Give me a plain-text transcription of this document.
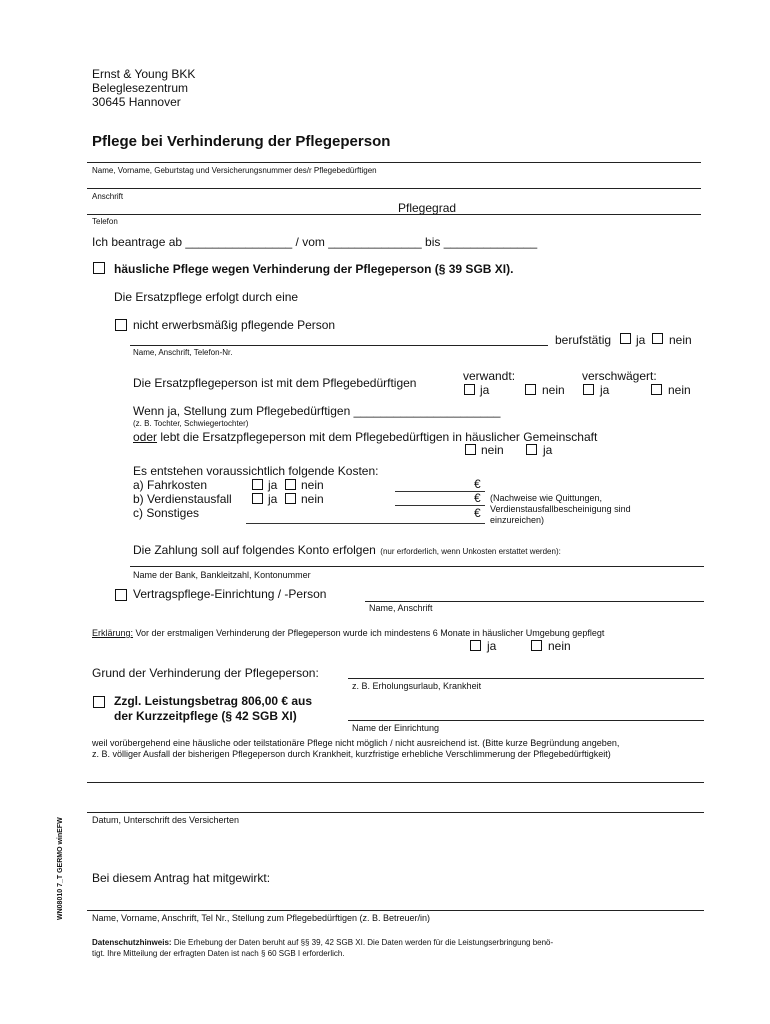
Ernst & Young BKK
Beleglesezentrum
30645 Hannover
Pflege bei Verhinderung der Pflegeperson
Name, Vorname, Geburtstag und Versicherungsnummer des/r Pflegebedürftigen
Anschrift
Pflegegrad
Telefon
Ich beantrage ab ________________ / vom ______________ bis ______________
häusliche Pflege wegen Verhinderung der Pflegeperson (§ 39 SGB XI).
Die Ersatzpflege erfolgt durch eine
nicht erwerbsmäßig pflegende Person
Name, Anschrift, Telefon-Nr.
berufstätig ja nein
verwandt:	verschwägert:
Die Ersatzpflegeperson ist mit dem Pflegebedürftigen	ja	nein	ja	nein
Wenn ja, Stellung zum Pflegebedürftigen ______________________
(z. B. Tochter, Schwiegertochter)
oder lebt die Ersatzpflegeperson mit dem Pflegebedürftigen in häuslicher Gemeinschaft
nein	ja
Es entstehen voraussichtlich folgende Kosten:
a) Fahrkosten	ja nein	€
b) Verdienstausfall	ja nein	€
c) Sonstiges	€
(Nachweise wie Quittungen,
Verdienstausfallbescheinigung sind
einzureichen)
Die Zahlung soll auf folgendes Konto erfolgen (nur erforderlich, wenn Unkosten erstattet werden):
Name der Bank, Bankleitzahl, Kontonummer
Vertragspflege-Einrichtung / -Person
Name, Anschrift
Erklärung: Vor der erstmaligen Verhinderung der Pflegeperson wurde ich mindestens 6 Monate in häuslicher Umgebung gepflegt
ja	nein
Grund der Verhinderung der Pflegeperson:
z. B. Erholungsurlaub, Krankheit
Zzgl. Leistungsbetrag 806,00 € aus
der Kurzzeitpflege (§ 42 SGB XI)
Name der Einrichtung
weil vorübergehend eine häusliche oder teilstationäre Pflege nicht möglich / nicht ausreichend ist. (Bitte kurze Begründung angeben,
z. B. völliger Ausfall der bisherigen Pflegeperson durch Krankheit, kurzfristige erhebliche Verschlimmerung der Pflegebedürftigkeit)
Datum, Unterschrift des Versicherten
Bei diesem Antrag hat mitgewirkt:
Name, Vorname, Anschrift, Tel Nr., Stellung zum Pflegebedürftigen (z. B. Betreuer/in)
Datenschutzhinweis: Die Erhebung der Daten beruht auf §§ 39, 42 SGB XI. Die Daten werden für die Leistungserbringung benö-
tigt. Ihre Mitteilung der erfragten Daten ist nach § 60 SGB I erforderlich.
WN08010 7_T GERMO winEFW
